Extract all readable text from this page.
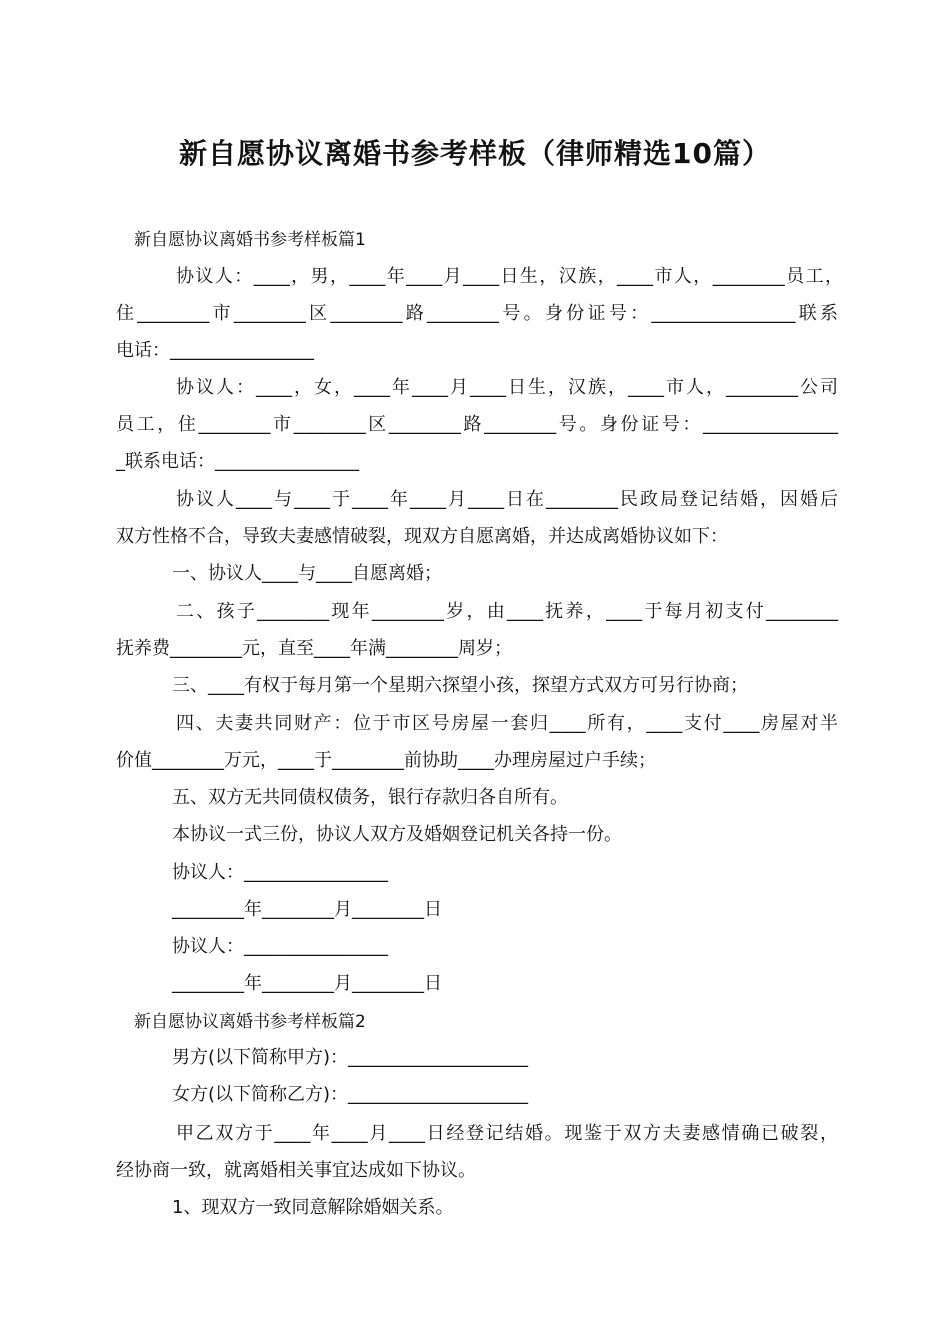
新自愿协议离婚书参考样板（律师精选10篇）
新自愿协议离婚书参考样板篇1
协议人：____，男，____年____月____日生，汉族，____市人，________员工，
住________市________区________路________号。身份证号：________________联系
电话：________________
协议人：____，女，____年____月____日生，汉族，____市人，________公司
员工，住________市________区________路________号。身份证号：_______________
_联系电话：________________
协议人____与____于____年____月____日在________民政局登记结婚，因婚后
双方性格不合，导致夫妻感情破裂，现双方自愿离婚，并达成离婚协议如下：
一、协议人____与____自愿离婚；
二、孩子________现年________岁，由____抚养，____于每月初支付________
抚养费________元，直至____年满________周岁；
三、____有权于每月第一个星期六探望小孩，探望方式双方可另行协商；
四、夫妻共同财产：位于市区号房屋一套归____所有，____支付____房屋对半
价值________万元，____于________前协助____办理房屋过户手续；
五、双方无共同债权债务，银行存款归各自所有。
本协议一式三份，协议人双方及婚姻登记机关各持一份。
协议人：________________
________年________月________日
协议人：________________
________年________月________日
新自愿协议离婚书参考样板篇2
男方(以下简称甲方)：____________________
女方(以下简称乙方)：____________________
甲乙双方于____年____月____日经登记结婚。现鉴于双方夫妻感情确已破裂，
经协商一致，就离婚相关事宜达成如下协议。
1、现双方一致同意解除婚姻关系。
